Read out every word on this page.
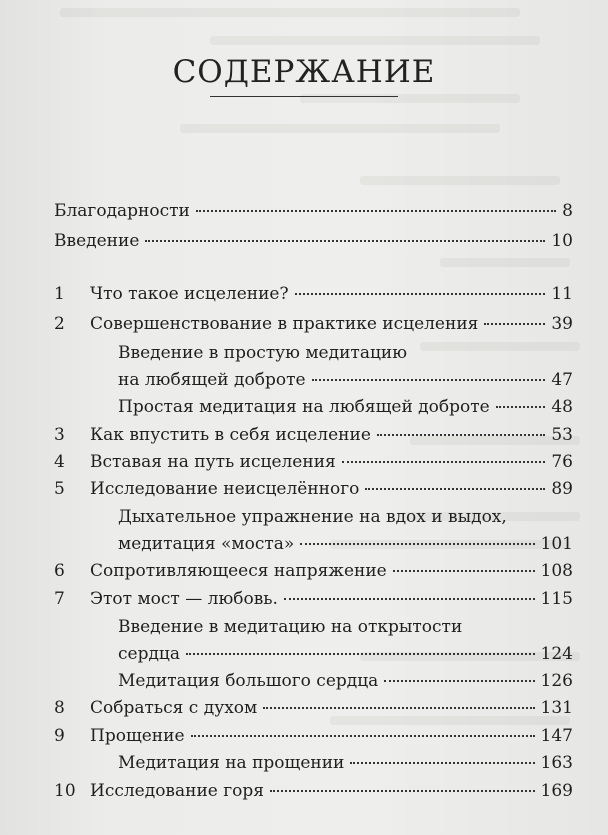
СОДЕРЖАНИЕ
Благодарности	8
Введение	10
1 Что такое исцеление?	11
2 Совершенствование в практике исцеления	39
Введение в простую медитацию
на любящей доброте	47
Простая медитация на любящей доброте	48
3 Как впустить в себя исцеление	53
4 Вставая на путь исцеления	76
5 Исследование неисцелённого	89
Дыхательное упражнение на вдох и выдох,
медитация «моста»	101
6 Сопротивляющееся напряжение	108
7 Этот мост — любовь.	115
Введение в медитацию на открытости
сердца	124
Медитация большого сердца	126
8 Собраться с духом	131
9 Прощение	147
Медитация на прощении	163
10 Исследование горя	169
